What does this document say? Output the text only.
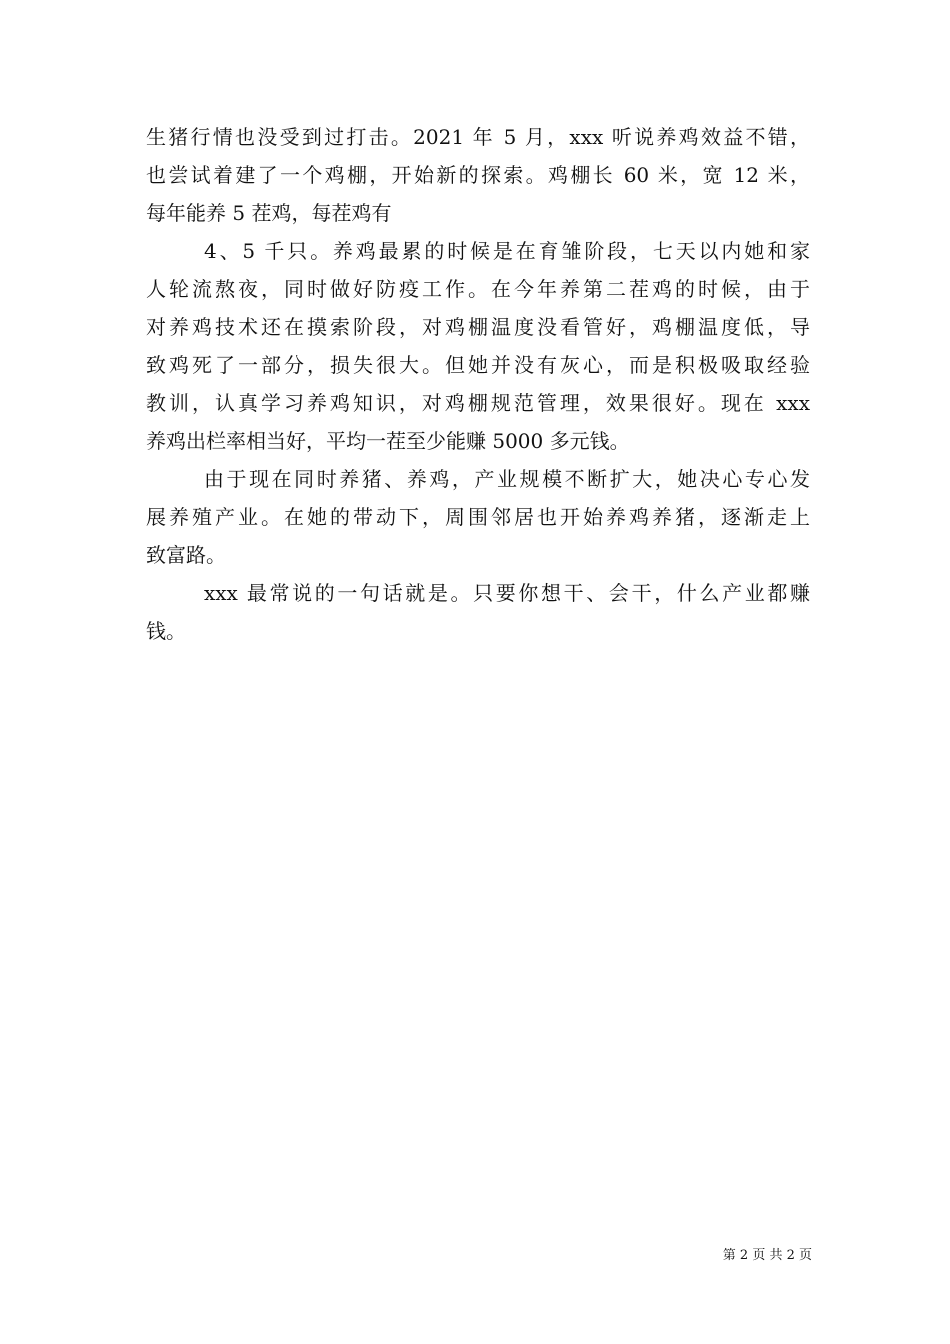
生猪行情也没受到过打击。2021 年 5 月，xxx 听说养鸡效益不错，
也尝试着建了一个鸡棚，开始新的探索。鸡棚长 60 米，宽 12 米，
每年能养 5 茬鸡，每茬鸡有
4、5 千只。养鸡最累的时候是在育雏阶段，七天以内她和家
人轮流熬夜，同时做好防疫工作。在今年养第二茬鸡的时候，由于
对养鸡技术还在摸索阶段，对鸡棚温度没看管好，鸡棚温度低，导
致鸡死了一部分，损失很大。但她并没有灰心，而是积极吸取经验
教训，认真学习养鸡知识，对鸡棚规范管理，效果很好。现在 xxx
养鸡出栏率相当好，平均一茬至少能赚 5000 多元钱。
由于现在同时养猪、养鸡，产业规模不断扩大，她决心专心发
展养殖产业。在她的带动下，周围邻居也开始养鸡养猪，逐渐走上
致富路。
xxx 最常说的一句话就是。只要你想干、会干，什么产业都赚
钱。
第 2 页 共 2 页
